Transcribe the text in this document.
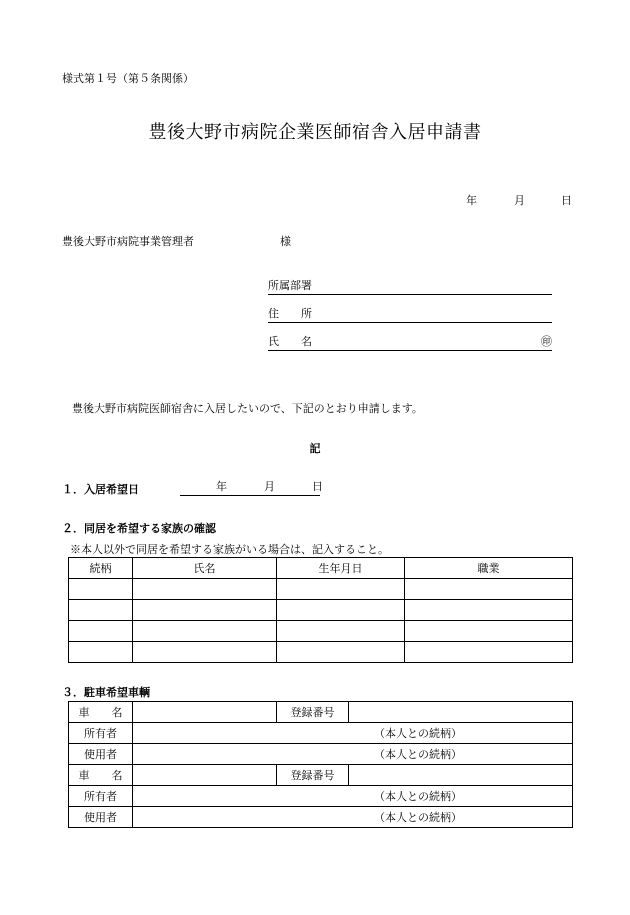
様式第１号（第５条関係）
豊後大野市病院企業医師宿舎入居申請書
年	月	日
豊後大野市病院事業管理者	様
所属部署
住　　所
氏　　名	㊞
豊後大野市病院医師宿舎に入居したいので、下記のとおり申請します。
記
１．入居希望日	年	月	日
２．同居を希望する家族の確認
※本人以外で同居を希望する家族がいる場合は、記入すること。
続柄	氏名	生年月日	職業

３．駐車希望車輌
車　　名		登録番号	
所有者	（本人との続柄）		
使用者	（本人との続柄）		
車　　名		登録番号	
所有者	（本人との続柄）		
使用者	（本人との続柄）		
